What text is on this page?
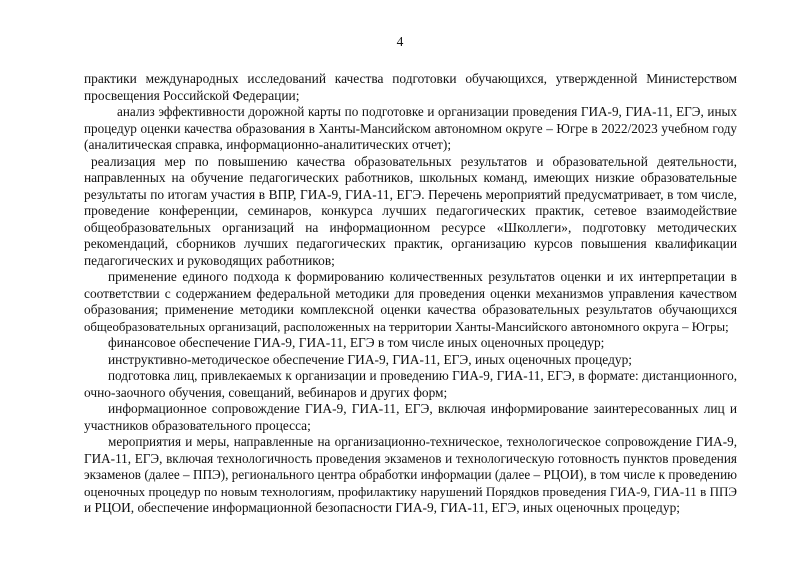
4
практики международных исследований качества подготовки обучающихся, утвержденной Министерством
просвещения Российской Федерации;
анализ эффективности дорожной карты по подготовке и организации проведения ГИА-9, ГИА-11, ЕГЭ, иных
процедур оценки качества образования в Ханты-Мансийском автономном округе – Югре в 2022/2023 учебном году
(аналитическая справка, информационно-аналитических отчет);
реализация мер по повышению качества образовательных результатов и образовательной деятельности,
направленных на обучение педагогических работников, школьных команд, имеющих низкие образовательные
результаты по итогам участия в ВПР, ГИА-9, ГИА-11, ЕГЭ. Перечень мероприятий предусматривает, в том числе,
проведение конференции, семинаров, конкурса лучших педагогических практик, сетевое взаимодействие
общеобразовательных организаций на информационном ресурсе «Школлеги», подготовку методических
рекомендаций, сборников лучших педагогических практик, организацию курсов повышения квалификации
педагогических и руководящих работников;
применение единого подхода к формированию количественных результатов оценки и их интерпретации в
соответствии с содержанием федеральной методики для проведения оценки механизмов управления качеством
образования; применение методики комплексной оценки качества образовательных результатов обучающихся
общеобразовательных организаций, расположенных на территории Ханты-Мансийского автономного округа – Югры;
финансовое обеспечение ГИА-9, ГИА-11, ЕГЭ в том числе иных оценочных процедур;
инструктивно-методическое обеспечение ГИА-9, ГИА-11, ЕГЭ, иных оценочных процедур;
подготовка лиц, привлекаемых к организации и проведению ГИА-9, ГИА-11, ЕГЭ, в формате: дистанционного,
очно-заочного обучения, совещаний, вебинаров и других форм;
информационное сопровождение ГИА-9, ГИА-11, ЕГЭ, включая информирование заинтересованных лиц и
участников образовательного процесса;
мероприятия и меры, направленные на организационно-техническое, технологическое сопровождение ГИА-9,
ГИА-11, ЕГЭ, включая технологичность проведения экзаменов и технологическую готовность пунктов проведения
экзаменов (далее – ППЭ), регионального центра обработки информации (далее – РЦОИ), в том числе к проведению
оценочных процедур по новым технологиям, профилактику нарушений Порядков проведения ГИА-9, ГИА-11 в ППЭ
и РЦОИ, обеспечение информационной безопасности ГИА-9, ГИА-11, ЕГЭ, иных оценочных процедур;
